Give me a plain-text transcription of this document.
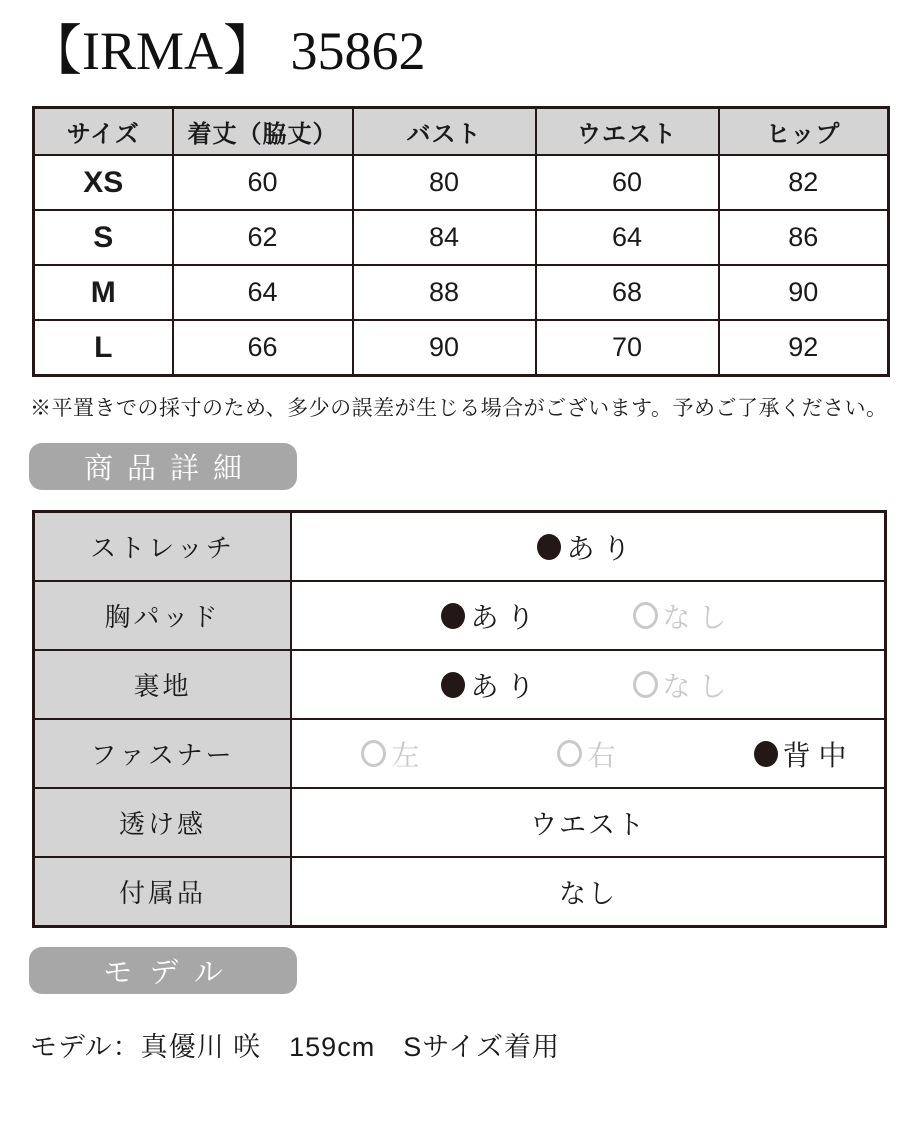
【IRMA】 35862
サイズ	着丈（脇丈）	バスト	ウエスト	ヒップ
XS	60	80	60	82
S	62	84	64	86
M	64	88	68	90
L	66	90	70	92
※平置きでの採寸のため、多少の誤差が生じる場合がございます。予めご了承ください。
商品詳細
ストレッチ	あり

胸パッド	あり なし

裏地	あり なし

ファスナー	左 右 背中

透け感	ウエスト
付属品	なし
モデル
モデル：真優川 咲　159cm　Sサイズ着用
